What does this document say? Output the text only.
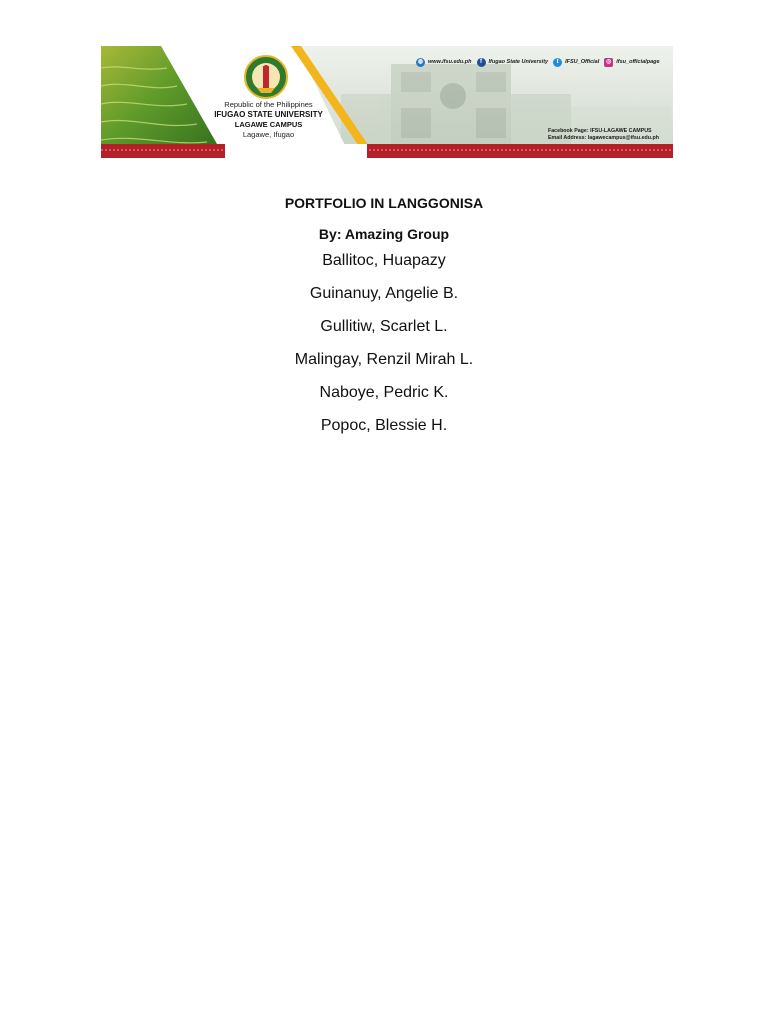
Republic of the Philippines
IFUGAO STATE UNIVERSITY
LAGAWE CAMPUS
Lagawe, Ifugao
◍ www.ifsu.edu.ph	f	Ifugao State University	t	IFSU_Official	◎ ifsu_officialpage
Facebook Page: IFSU-LAGAWE CAMPUS
Email Address: lagawecampus@ifsu.edu.ph
PORTFOLIO IN LANGGONISA
By: Amazing Group
Ballitoc, Huapazy
Guinanuy, Angelie B.
Gullitiw, Scarlet L.
Malingay, Renzil Mirah L.
Naboye, Pedric K.
Popoc, Blessie H.
